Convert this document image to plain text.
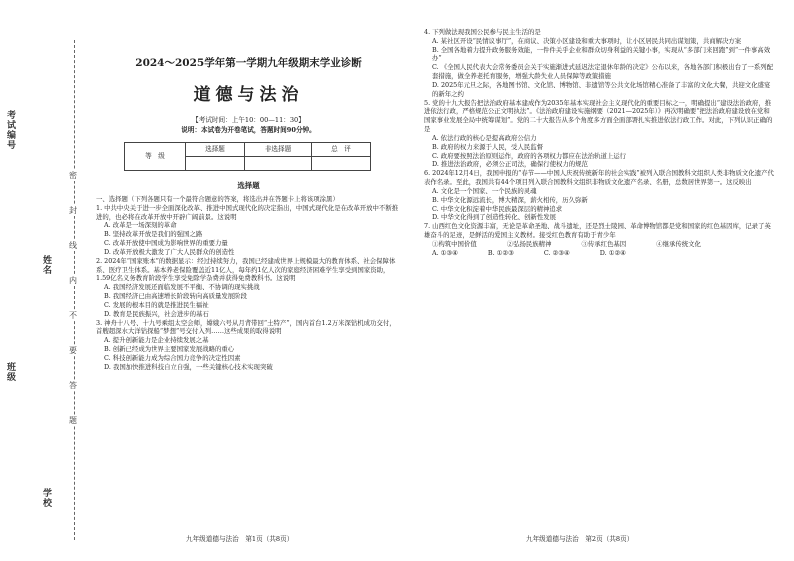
考试编号
姓名
班级
学校
密
封
线
内
不
要
答
题
2024～2025学年第一学期九年级期末学业诊断
道德与法治
【考试时间：上午10：00—11：30】
说明：本试卷为开卷笔试，答题时间90分钟。
等　级	选择题	非选择题	总　评

选择题

一、选择题（下列各题只有一个最符合题意的答案，将选出并在答题卡上将该项涂黑）

1. 中共中央关于进一步全面深化改革、推进中国式现代化的决定指出，中国式现代化是在改革开放中不断推进的，也必将在改革开放中开辟广阔前景。这说明

A. 改革是一场深刻的革命

B. 坚持改革开放是我们的强国之路

C. 改革开放使中国成为影响世界的重要力量

D. 改革开放极大激发了广大人民群众的创造性

2. 2024年“国家账本”的数据显示：经过持续努力，我国已经建成世界上规模最大的教育体系、社会保障体系、医疗卫生体系。基本养老保险覆盖近11亿人，每年约1亿人次的家庭经济困难学生享受到国家资助，1.59亿名义务教育阶段学生享受免除学杂费并获得免费教科书。这说明

A. 我国经济发展还面临发展不平衡、不协调的现实挑战

B. 我国经济已由高速增长阶段转向高质量发展阶段

C. 发展的根本目的就是推进民生福祉

D. 教育是民族振兴，社会进步的基石

3. 神舟十八号、十九号乘组太空会师，嫦娥六号从月背带回“土特产”，国内首台1.2万米深钻机成功交付，首艘超深水大洋钻探船“梦想”号交付入列……这些成果的取得说明

A. 提升创新能力是企业持续发展之基

B. 创新已经成为世界主要国家发展战略的重心

C. 科技创新能力成为综合国力竞争的决定性因素

D. 我国加快推进科技自立自强，一些关键核心技术实现突破

九年级道德与法治　第1页（共8页）

4. 下列做法现我国公民参与民主生活的是

A. 某社区开设“民情议事厅”，在商议、决策小区建设和重大事项时，让小区居民共同出谋划策，共商解决方案

B. 全国各地着力提升政务服务效能，一件件关乎企业和群众切身利益的关键小事，实现从“多部门来回跑”到“一件事高效办”

C. 《全国人民代表大会常务委员会关于实施渐进式延迟法定退休年龄的决定》公布以来，各地各部门积极出台了一系列配套措施，做全养老托育服务，增强大龄失业人员保障等政策措施

D. 2025年元旦之际，各地图书馆、文化馆、博物馆、非遗馆等公共文化场馆精心准备了丰富的文化大餐，共迎文化盛宴的新年之约

5. 党的十九大报告把法治政府基本建成作为2035年基本实现社会主义现代化的重要目标之一，明确提出“建设法治政府，推进依法行政，严格规范公正文明执法”。《法治政府建设实施纲要（2021—2025年）》再次明确要“把法治政府建设放在党和国家事业发展全局中统筹谋划”。党的二十大报告从多个角度多方面全面部署扎实推进依法行政工作。对此，下列认识正确的是

A. 依法行政的核心是提高政府公信力

B. 政府的权力来源于人民，受人民监督

C. 政府要按照法治原则运作，政府的各项权力都应在法治轨道上运行

D. 推进法治政府，必须公正司法，确保行使权力的规范

6. 2024年12月4日，我国申报的“春节——中国人庆祝传统新年的社会实践”被列入联合国教科文组织人类非物质文化遗产代表作名录。至此，我国共有44个项目列入联合国教科文组织非物质文化遗产名录、名册，总数居世界第一。这反映出

A. 文化是一个国家、一个民族的灵魂

B. 中华文化源远流长，博大精深，薪火相传，历久弥新

C. 中华文化积淀着中华民族最深层的精神追求

D. 中华文化得到了创造性转化、创新性发展

7. 山西红色文化资源丰富，无论是革命圣地、战斗遗址，还是烈士陵园、革命博物馆都是党和国家的红色基因库，记录了英雄奋斗的足迹，是鲜活的爱国主义教材。接受红色教育有助于青少年

①构筑中国价值	②弘扬民族精神	③传承红色基因	④继承传统文化
A. ①③④	B. ①②③	C. ②③④	D. ①②④
九年级道德与法治　第2页（共8页）
